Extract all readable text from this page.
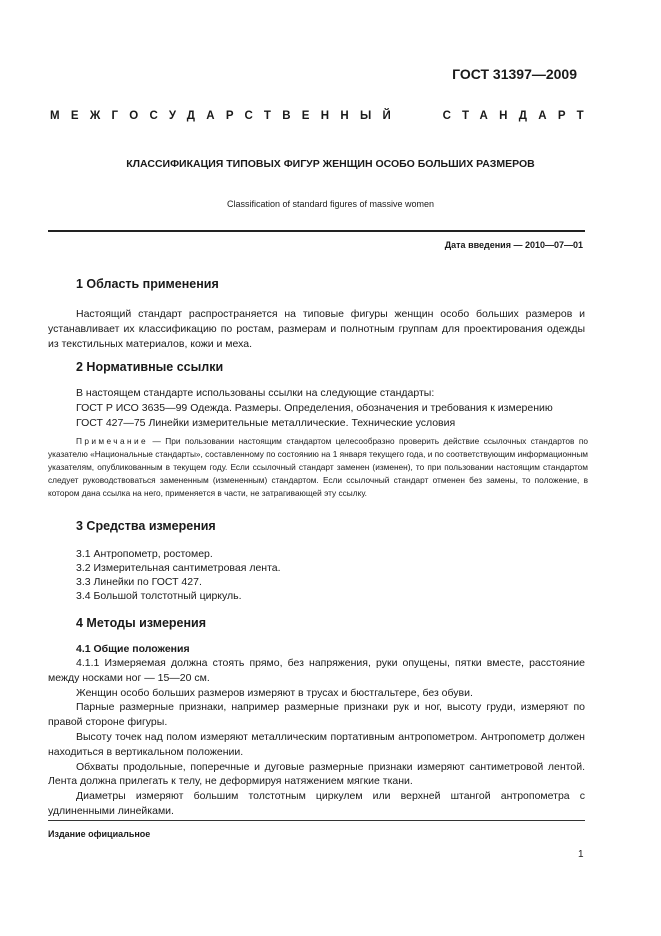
ГОСТ 31397—2009
МЕЖГОСУДАРСТВЕННЫЙ	СТАНДАРТ
КЛАССИФИКАЦИЯ ТИПОВЫХ ФИГУР ЖЕНЩИН ОСОБО БОЛЬШИХ РАЗМЕРОВ
Classification of standard figures of massive women
Дата введения — 2010—07—01
1 Область применения
Настоящий стандарт распространяется на типовые фигуры женщин особо больших размеров и устанавливает их классификацию по ростам, размерам и полнотным группам для проектирования одежды из текстильных материалов, кожи и меха.
2 Нормативные ссылки
В настоящем стандарте использованы ссылки на следующие стандарты:
ГОСТ Р ИСО 3635—99 Одежда. Размеры. Определения, обозначения и требования к измерению
ГОСТ 427—75 Линейки измерительные металлические. Технические условия
Примечание — При пользовании настоящим стандартом целесообразно проверить действие ссылочных стандартов по указателю «Национальные стандарты», составленному по состоянию на 1 января текущего года, и по соответствующим информационным указателям, опубликованным в текущем году. Если ссылочный стандарт заменен (изменен), то при пользовании настоящим стандартом следует руководствоваться замененным (измененным) стандартом. Если ссылочный стандарт отменен без замены, то положение, в котором дана ссылка на него, применяется в части, не затрагивающей эту ссылку.
3 Средства измерения
3.1 Антропометр, ростомер.
3.2 Измерительная сантиметровая лента.
3.3 Линейки по ГОСТ 427.
3.4 Большой толстотный циркуль.
4 Методы измерения
4.1 Общие положения

4.1.1 Измеряемая должна стоять прямо, без напряжения, руки опущены, пятки вместе, расстояние между носками ног — 15—20 см.

Женщин особо больших размеров измеряют в трусах и бюстгальтере, без обуви.

Парные размерные признаки, например размерные признаки рук и ног, высоту груди, измеряют по правой стороне фигуры.

Высоту точек над полом измеряют металлическим портативным антропометром. Антропометр должен находиться в вертикальном положении.

Обхваты продольные, поперечные и дуговые размерные признаки измеряют сантиметровой лентой. Лента должна прилегать к телу, не деформируя натяжением мягкие ткани.

Диаметры измеряют большим толстотным циркулем или верхней штангой антропометра с удлиненными линейками.

Издание официальное
1
